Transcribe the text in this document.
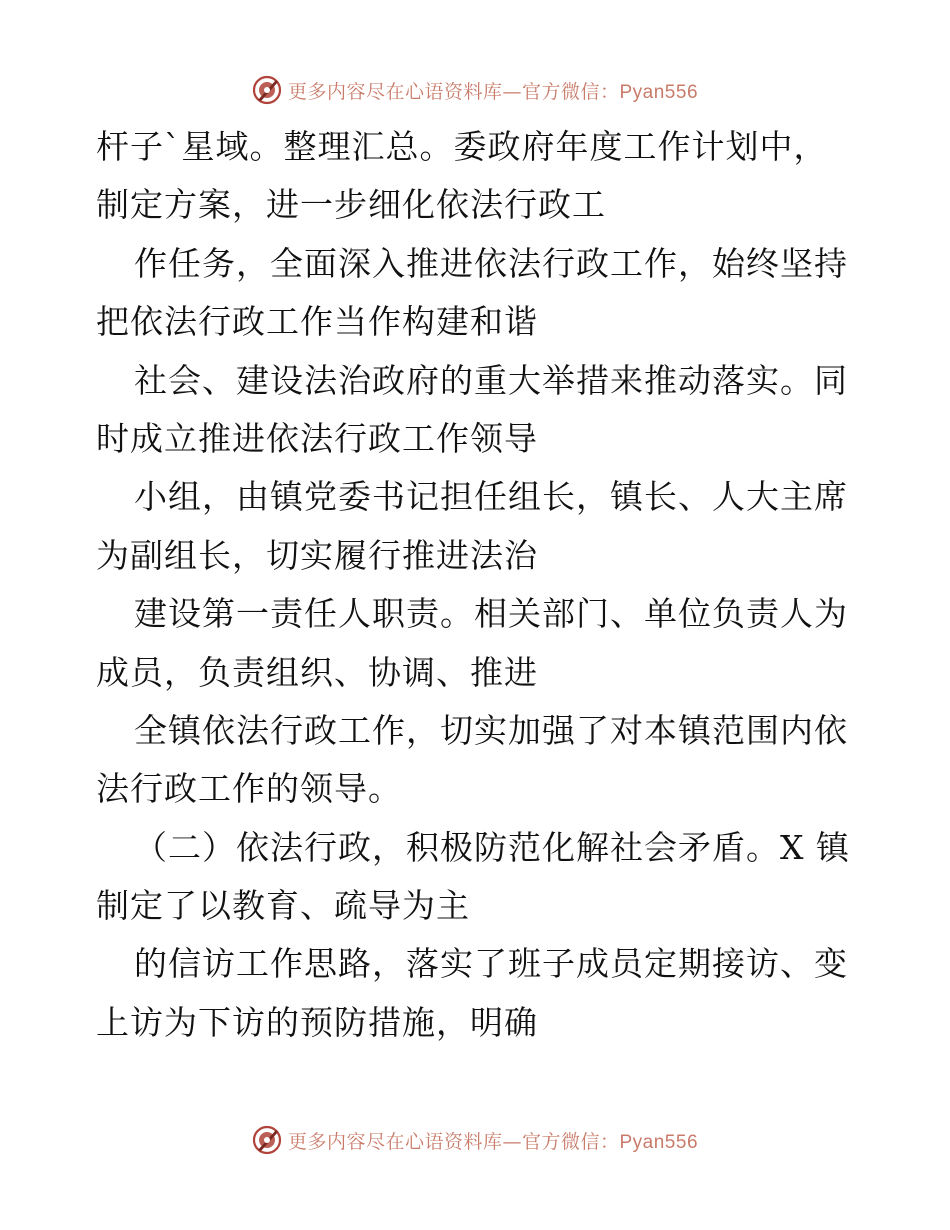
更多内容尽在心语资料库—官方微信：Pyan556
杆子`星域。整理汇总。委政府年度工作计划中，
制定方案，进一步细化依法行政工
作任务，全面深入推进依法行政工作，始终坚持
把依法行政工作当作构建和谐
社会、建设法治政府的重大举措来推动落实。同
时成立推进依法行政工作领导
小组，由镇党委书记担任组长，镇长、人大主席
为副组长，切实履行推进法治
建设第一责任人职责。相关部门、单位负责人为
成员，负责组织、协调、推进
全镇依法行政工作，切实加强了对本镇范围内依
法行政工作的领导。
（二）依法行政，积极防范化解社会矛盾。X 镇
制定了以教育、疏导为主
的信访工作思路，落实了班子成员定期接访、变
上访为下访的预防措施，明确
更多内容尽在心语资料库—官方微信：Pyan556
